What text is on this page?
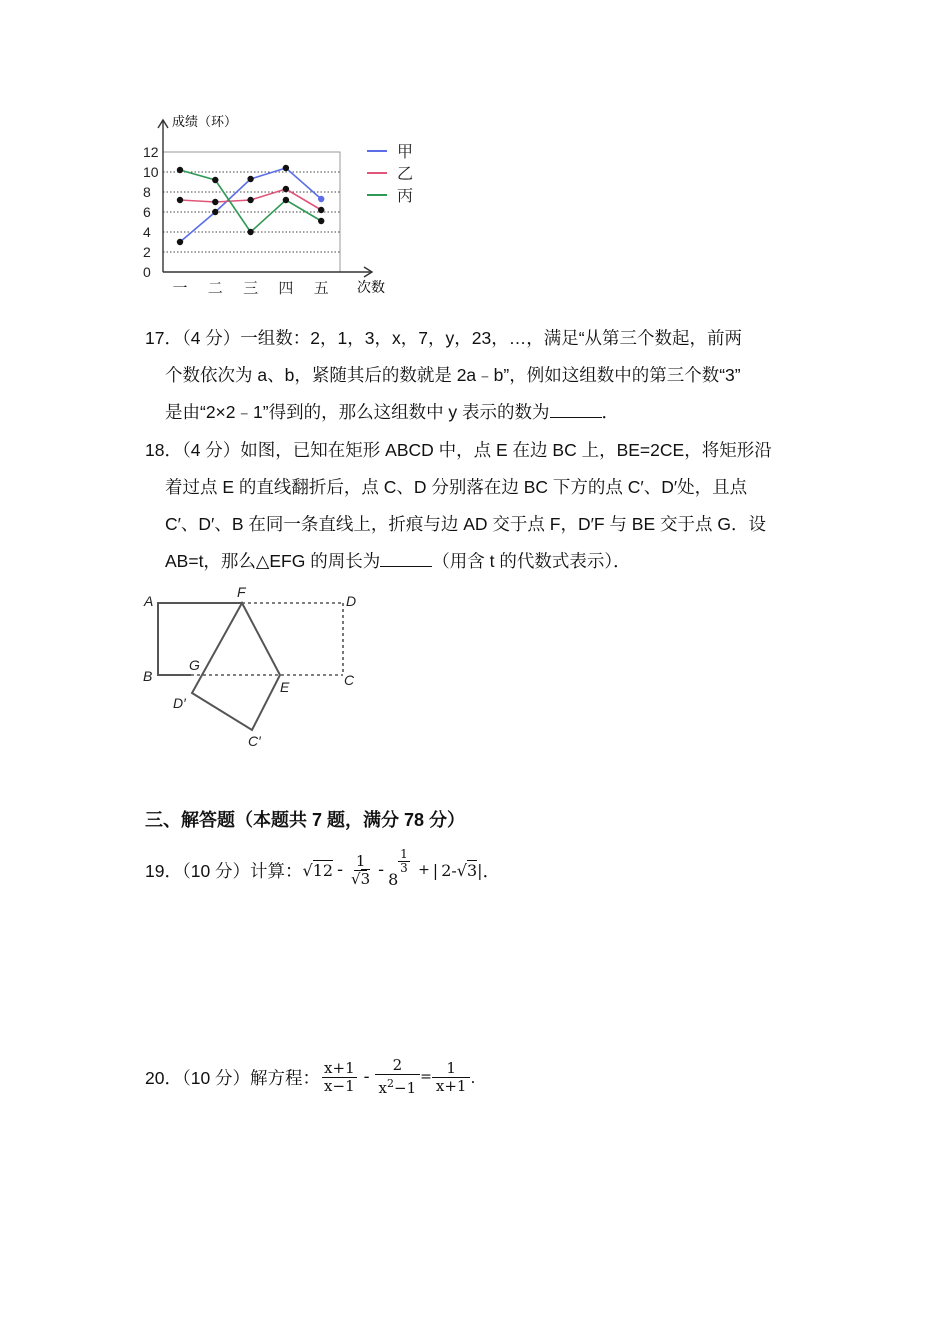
成绩（环）
次数
0
2
4
6
8
10
12
一 二 三 四 五
甲
乙
丙
17．（4 分）一组数：2，1，3，x，7，y，23，…，满足“从第三个数起，前两
个数依次为 a、b，紧随其后的数就是 2a﹣b”，例如这组数中的第三个数“3”
是由“2×2﹣1”得到的，那么这组数中 y 表示的数为	．
18．（4 分）如图，已知在矩形 ABCD 中，点 E 在边 BC 上，BE=2CE，将矩形沿
着过点 E 的直线翻折后，点 C、D 分别落在边 BC 下方的点 C′、D′处，且点
C′、D′、B 在同一条直线上，折痕与边 AD 交于点 F，D′F 与 BE 交于点 G．设
AB=t，那么△EFG 的周长为	（用含 t 的代数式表示）．
A
F
D
B
G
E	C
D′
C′
三、解答题（本题共 7 题，满分 78 分）
19．（10 分）计算： $√12 - \frac{1}{√3} - 8$
$\frac{1}{3}$ + | 2-√3| ．
20．（10 分）解方程： $\frac{x+1}{x-1} - \frac{2}{x^2-1} = \frac{1}{x+1}$ .
